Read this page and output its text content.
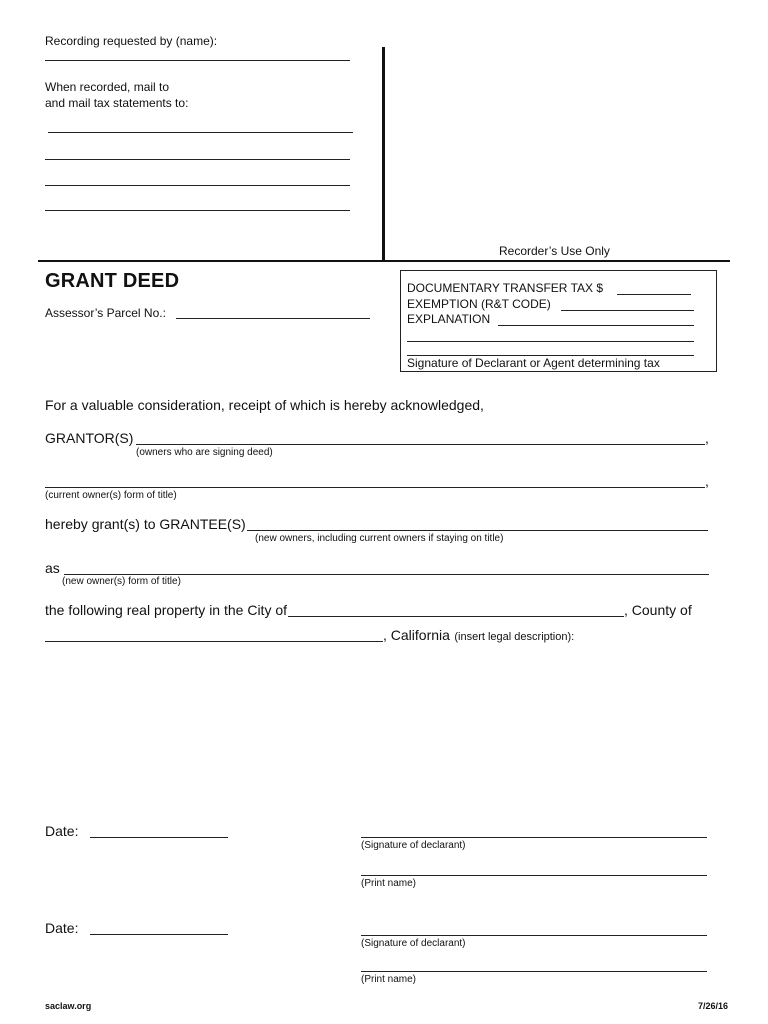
Recording requested by (name):
When recorded, mail to
and mail tax statements to:
Recorder’s Use Only
GRANT DEED
Assessor’s Parcel No.:
DOCUMENTARY TRANSFER TAX $
EXEMPTION (R&T CODE)
EXPLANATION
Signature of Declarant or Agent determining tax
For a valuable consideration, receipt of which is hereby acknowledged,
GRANTOR(S)	,
(owners who are signing deed)
,
(current owner(s) form of title)
hereby grant(s) to GRANTEE(S)
(new owners, including current owners if staying on title)
as
(new owner(s) form of title)
the following real property in the City of	, County of
, California (insert legal description):
Date:
(Signature of declarant)
(Print name)
Date:
(Signature of declarant)
(Print name)
saclaw.org	7/26/16
